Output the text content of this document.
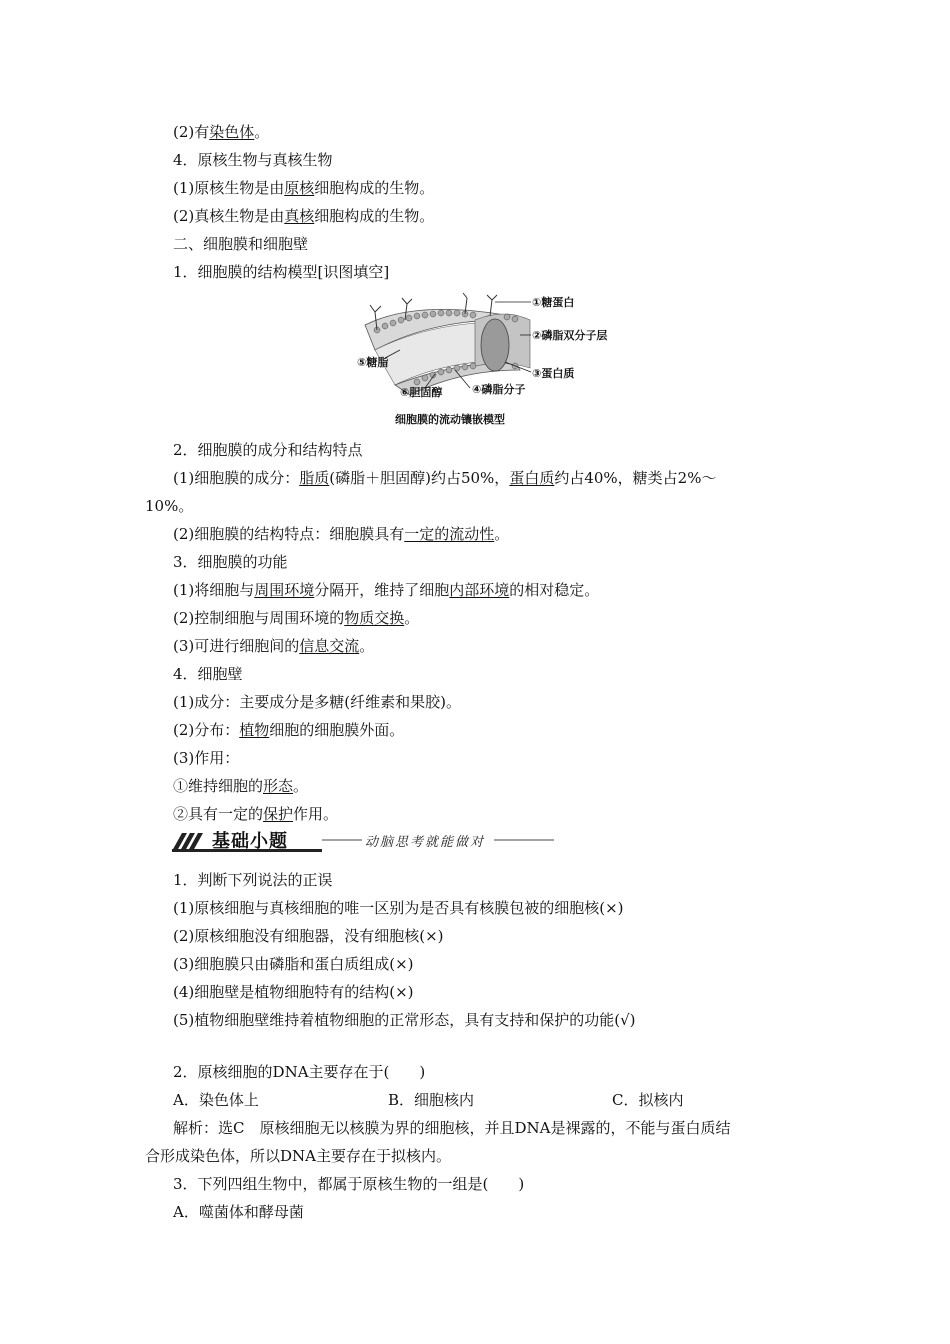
(2)有染色体。
4．原核生物与真核生物
(1)原核生物是由原核细胞构成的生物。
(2)真核生物是由真核细胞构成的生物。
二、细胞膜和细胞壁
1．细胞膜的结构模型[识图填空]
①糖蛋白
②磷脂双分子层
③蛋白质
④磷脂分子
⑤糖脂
⑥胆固醇
细胞膜的流动镶嵌模型
2．细胞膜的成分和结构特点
(1)细胞膜的成分：脂质(磷脂＋胆固醇)约占50%，蛋白质约占40%，糖类占2%～
10%。
(2)细胞膜的结构特点：细胞膜具有一定的流动性。
3．细胞膜的功能
(1)将细胞与周围环境分隔开，维持了细胞内部环境的相对稳定。
(2)控制细胞与周围环境的物质交换。
(3)可进行细胞间的信息交流。
4．细胞壁
(1)成分：主要成分是多糖(纤维素和果胶)。
(2)分布：植物细胞的细胞膜外面。
(3)作用：
①维持细胞的形态。
②具有一定的保护作用。
基础小题	动脑思考就能做对
1．判断下列说法的正误
(1)原核细胞与真核细胞的唯一区别为是否具有核膜包被的细胞核(×)
(2)原核细胞没有细胞器，没有细胞核(×)
(3)细胞膜只由磷脂和蛋白质组成(×)
(4)细胞壁是植物细胞特有的结构(×)
(5)植物细胞壁维持着植物细胞的正常形态，具有支持和保护的功能(√)
2．原核细胞的DNA主要存在于(　　)
A．染色体上	B．细胞核内	C．拟核内
解析：选C　原核细胞无以核膜为界的细胞核，并且DNA是裸露的，不能与蛋白质结
合形成染色体，所以DNA主要存在于拟核内。
3．下列四组生物中，都属于原核生物的一组是(　　)
A．噬菌体和酵母菌
